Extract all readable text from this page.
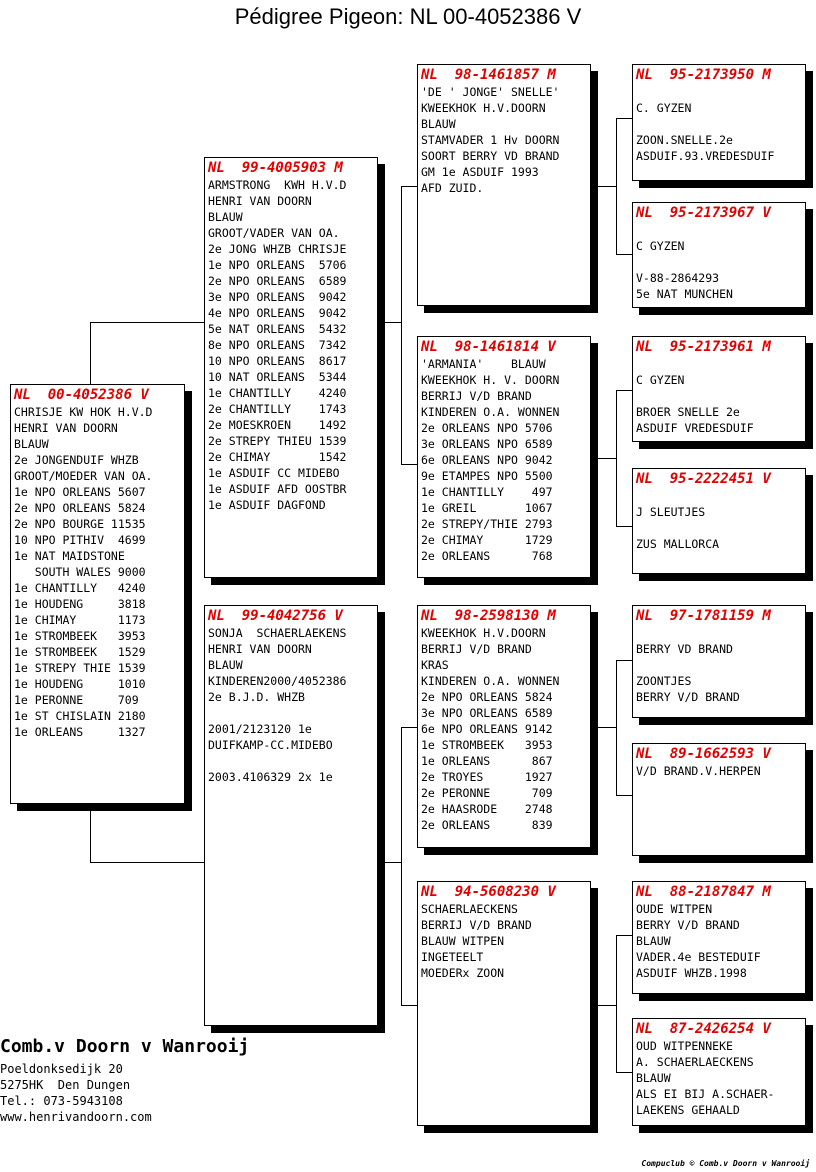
Pédigree Pigeon: NL 00-4052386 V
NL  00-4052386 V
CHRISJE KW HOK H.V.D
HENRI VAN DOORN
BLAUW
2e JONGENDUIF WHZB
GROOT/MOEDER VAN OA.
1e NPO ORLEANS 5607
2e NPO ORLEANS 5824
2e NPO BOURGE 11535
10 NPO PITHIV  4699
1e NAT MAIDSTONE
SOUTH WALES 9000
1e CHANTILLY   4240
1e HOUDENG     3818
1e CHIMAY      1173
1e STROMBEEK   3953
1e STROMBEEK   1529
1e STREPY THIE 1539
1e HOUDENG     1010
1e PERONNE     709
1e ST CHISLAIN 2180
1e ORLEANS     1327
NL  99-4005903 M
ARMSTRONG  KWH H.V.D
HENRI VAN DOORN
BLAUW
GROOT/VADER VAN OA.
2e JONG WHZB CHRISJE
1e NPO ORLEANS  5706
2e NPO ORLEANS  6589
3e NPO ORLEANS  9042
4e NPO ORLEANS  9042
5e NAT ORLEANS  5432
8e NPO ORLEANS  7342
10 NPO ORLEANS  8617
10 NAT ORLEANS  5344
1e CHANTILLY    4240
2e CHANTILLY    1743
2e MOESKROEN    1492
2e STREPY THIEU 1539
2e CHIMAY       1542
1e ASDUIF CC MIDEBO
1e ASDUIF AFD OOSTBR
1e ASDUIF DAGFOND
NL  99-4042756 V
SONJA  SCHAERLAEKENS
HENRI VAN DOORN
BLAUW
KINDEREN2000/4052386
2e B.J.D. WHZB

2001/2123120 1e
DUIFKAMP-CC.MIDEBO

2003.4106329 2x 1e
NL  98-1461857 M
'DE ' JONGE' SNELLE'
KWEEKHOK H.V.DOORN
BLAUW
STAMVADER 1 Hv DOORN
SOORT BERRY VD BRAND
GM 1e ASDUIF 1993
AFD ZUID.
NL  98-1461814 V
'ARMANIA'    BLAUW
KWEEKHOK H. V. DOORN
BERRIJ V/D BRAND
KINDEREN O.A. WONNEN
2e ORLEANS NPO 5706
3e ORLEANS NPO 6589
6e ORLEANS NPO 9042
9e ETAMPES NPO 5500
1e CHANTILLY    497
1e GREIL       1067
2e STREPY/THIE 2793
2e CHIMAY      1729
2e ORLEANS      768
NL  98-2598130 M
KWEEKHOK H.V.DOORN
BERRIJ V/D BRAND
KRAS
KINDEREN O.A. WONNEN
2e NPO ORLEANS 5824
3e NPO ORLEANS 6589
6e NPO ORLEANS 9142
1e STROMBEEK   3953
1e ORLEANS      867
2e TROYES      1927
2e PERONNE      709
2e HAASRODE    2748
2e ORLEANS      839
NL  94-5608230 V
SCHAERLAECKENS
BERRIJ V/D BRAND
BLAUW WITPEN
INGETEELT
MOEDERx ZOON
NL  95-2173950 M

C. GYZEN

ZOON.SNELLE.2e
ASDUIF.93.VREDESDUIF
NL  95-2173967 V

C GYZEN

V-88-2864293
5e NAT MUNCHEN
NL  95-2173961 M

C GYZEN

BROER SNELLE 2e
ASDUIF VREDESDUIF
NL  95-2222451 V

J SLEUTJES

ZUS MALLORCA
NL  97-1781159 M

BERRY VD BRAND

ZOONTJES
BERRY V/D BRAND
NL  89-1662593 V
V/D BRAND.V.HERPEN
NL  88-2187847 M
OUDE WITPEN
BERRY V/D BRAND
BLAUW
VADER.4e BESTEDUIF
ASDUIF WHZB.1998
NL  87-2426254 V
OUD WITPENNEKE
A. SCHAERLAECKENS
BLAUW
ALS EI BIJ A.SCHAER-
LAEKENS GEHAALD
Comb.v Doorn v Wanrooij
Poeldonksedijk 20
5275HK  Den Dungen
Tel.: 073-5943108
www.henrivandoorn.com
Compuclub © Comb.v Doorn v Wanrooij
